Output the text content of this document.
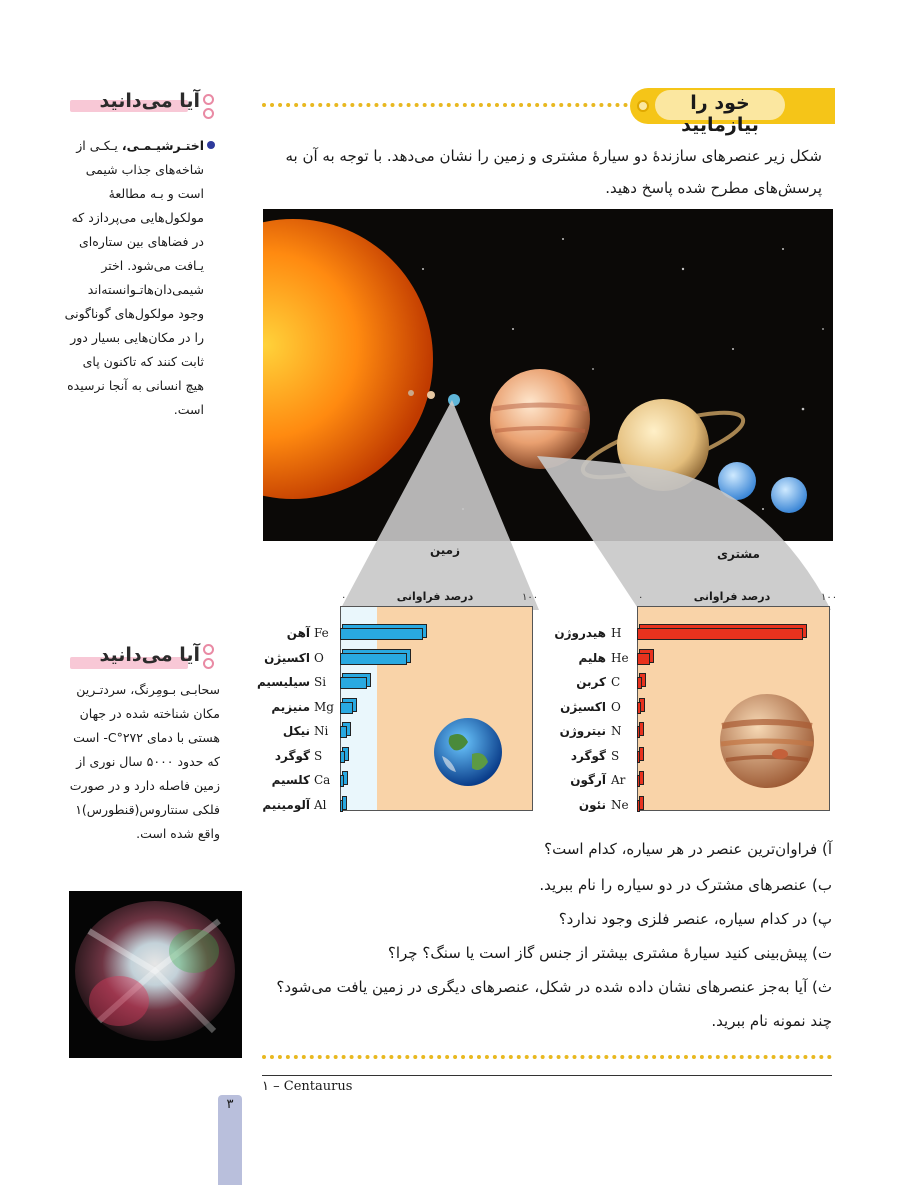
خود را بیازمایید
شکل زیر عنصرهای سازندهٔ دو سیارهٔ مشتری و زمین را نشان می‌دهد. با توجه به آن به پرسش‌های مطرح شده پاسخ دهید.
زمین	مشتری
درصد فراوانی
۰	۱۰۰
Fe
آهن
O
اکسیژن
Si
سیلیسیم
Mg
منیزیم
Ni
نیکل
S
گوگرد
Ca
کلسیم
Al
آلومینیم
درصد فراوانی
۰	۱۰۰
H
هیدروژن
He
هلیم
C
کربن
O
اکسیژن
N
نیتروژن
S
گوگرد
Ar
آرگون
Ne
نئون
آ) فراوان‌ترین عنصر در هر سیاره، کدام است؟
ب) عنصرهای مشترک در دو سیاره را نام ببرید.
پ) در کدام سیاره، عنصر فلزی وجود ندارد؟
ت) پیش‌بینی کنید سیارهٔ مشتری بیشتر از جنس گاز است یا سنگ؟ چرا؟
ث) آیا به‌جز عنصرهای نشان داده شده در شکل، عنصرهای دیگری در زمین یافت می‌شود؟
چند نمونه نام ببرید.
آیا می‌دانید
اختـرشیـمـی، یـکـی از شاخه‌های جذاب شیمی است و بـه مطالعهٔ مولکول‌هایی می‌پردازد که در فضاهای بین ستاره‌ای یـافت می‌شود. اختر شیمی‌دان‌هاتـوانسته‌اند وجود مولکول‌های گوناگونی را در مکان‌هایی بسیار دور ثابت کنند که تاکنون پای هیچ انسانی به آنجا نرسیده است.
آیا می‌دانید
سحابـی بـومِرنگ، سردتـرین مکان شناخته شده در جهان هستی با دمای ۲۷۲°C- است که حدود ۵۰۰۰ سال نوری از زمین فاصله دارد و در صورت فلکی سنتاروس(قنطورس)۱ واقع شده است.
۱ – Centaurus
۳
